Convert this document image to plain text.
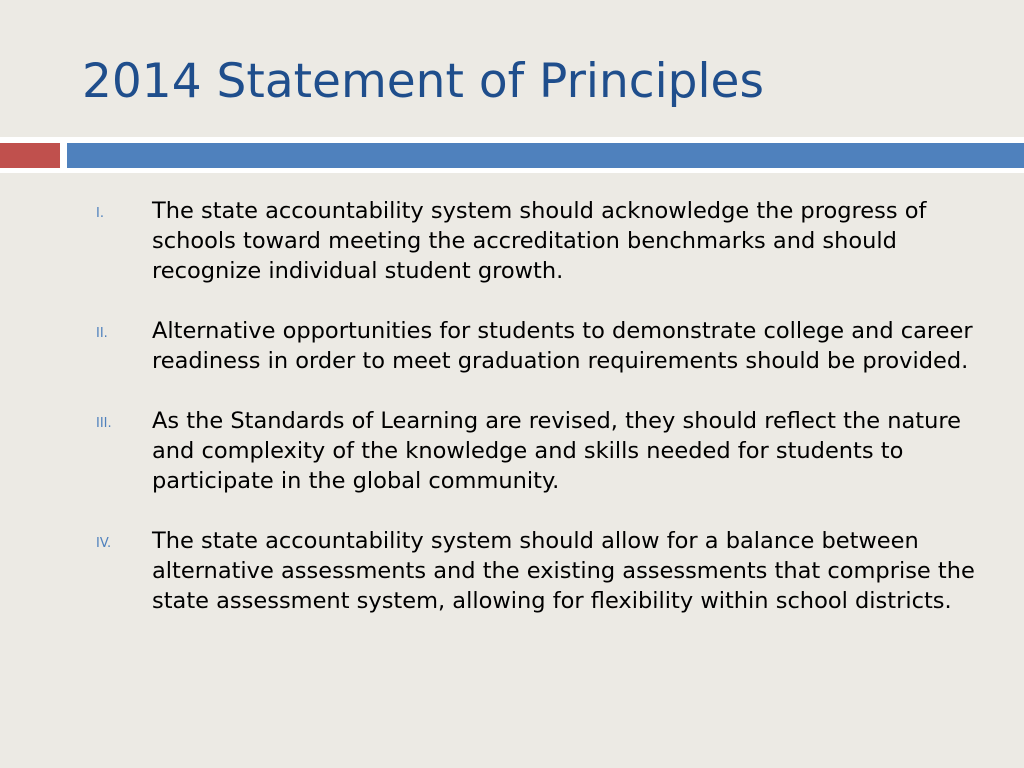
2014 Statement of Principles
I. The state accountability system should acknowledge the progress of schools toward meeting the accreditation benchmarks and should recognize individual student growth.
II. Alternative opportunities for students to demonstrate college and career readiness in order to meet graduation requirements should be provided.
III. As the Standards of Learning are revised, they should reflect the nature and complexity of the knowledge and skills needed for students to participate in the global community.
IV. The state accountability system should allow for a balance between alternative assessments and the existing assessments that comprise the state assessment system, allowing for flexibility within school districts.
